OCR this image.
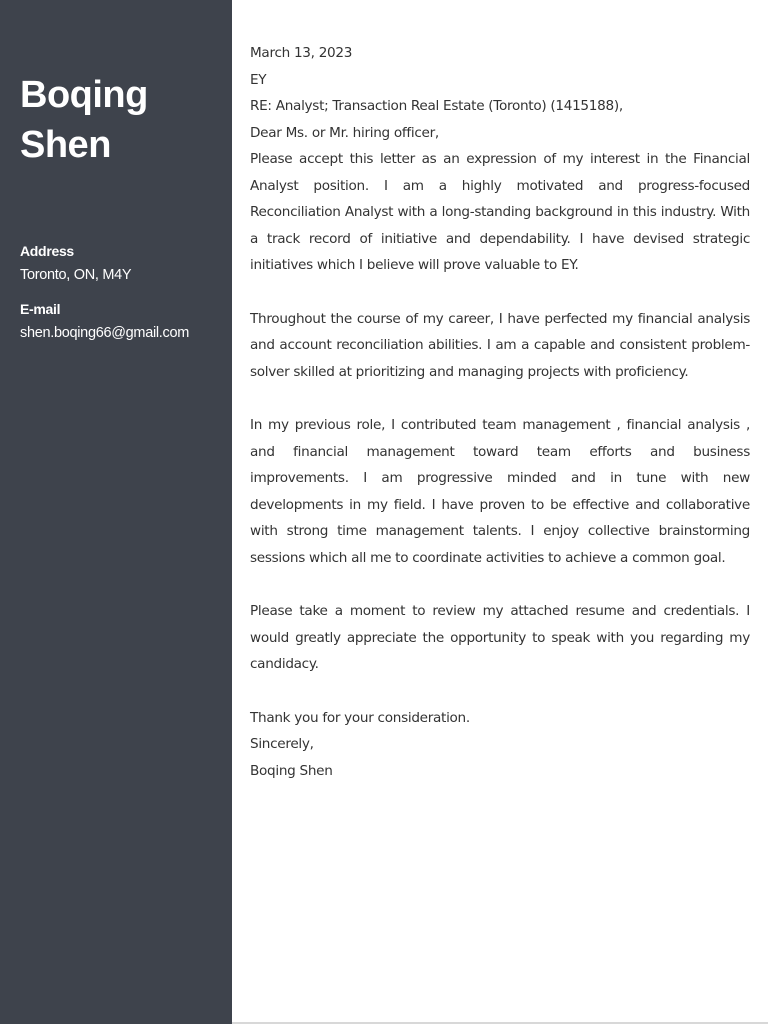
Boqing
Shen
Address
Toronto, ON, M4Y
E-mail
shen.boqing66@gmail.com

March 13, 2023

EY

RE: Analyst; Transaction Real Estate (Toronto) (1415188),

Dear Ms. or Mr. hiring officer,

Please accept this letter as an expression of my interest in the Financial Analyst position. I am a highly motivated and progress-focused Reconciliation Analyst with a long-standing background in this industry. With a track record of initiative and dependability. I have devised strategic initiatives which I believe will prove valuable to EY.

Throughout the course of my career, I have perfected my financial analysis and account reconciliation abilities. I am a capable and consistent problem-solver skilled at prioritizing and managing projects with proficiency.

In my previous role, I contributed team management , financial analysis , and financial management toward team efforts and business improvements. I am progressive minded and in tune with new developments in my field. I have proven to be effective and collaborative with strong time management talents. I enjoy collective brainstorming sessions which all me to coordinate activities to achieve a common goal.

Please take a moment to review my attached resume and credentials. I would greatly appreciate the opportunity to speak with you regarding my candidacy.

Thank you for your consideration.

Sincerely,

Boqing Shen
